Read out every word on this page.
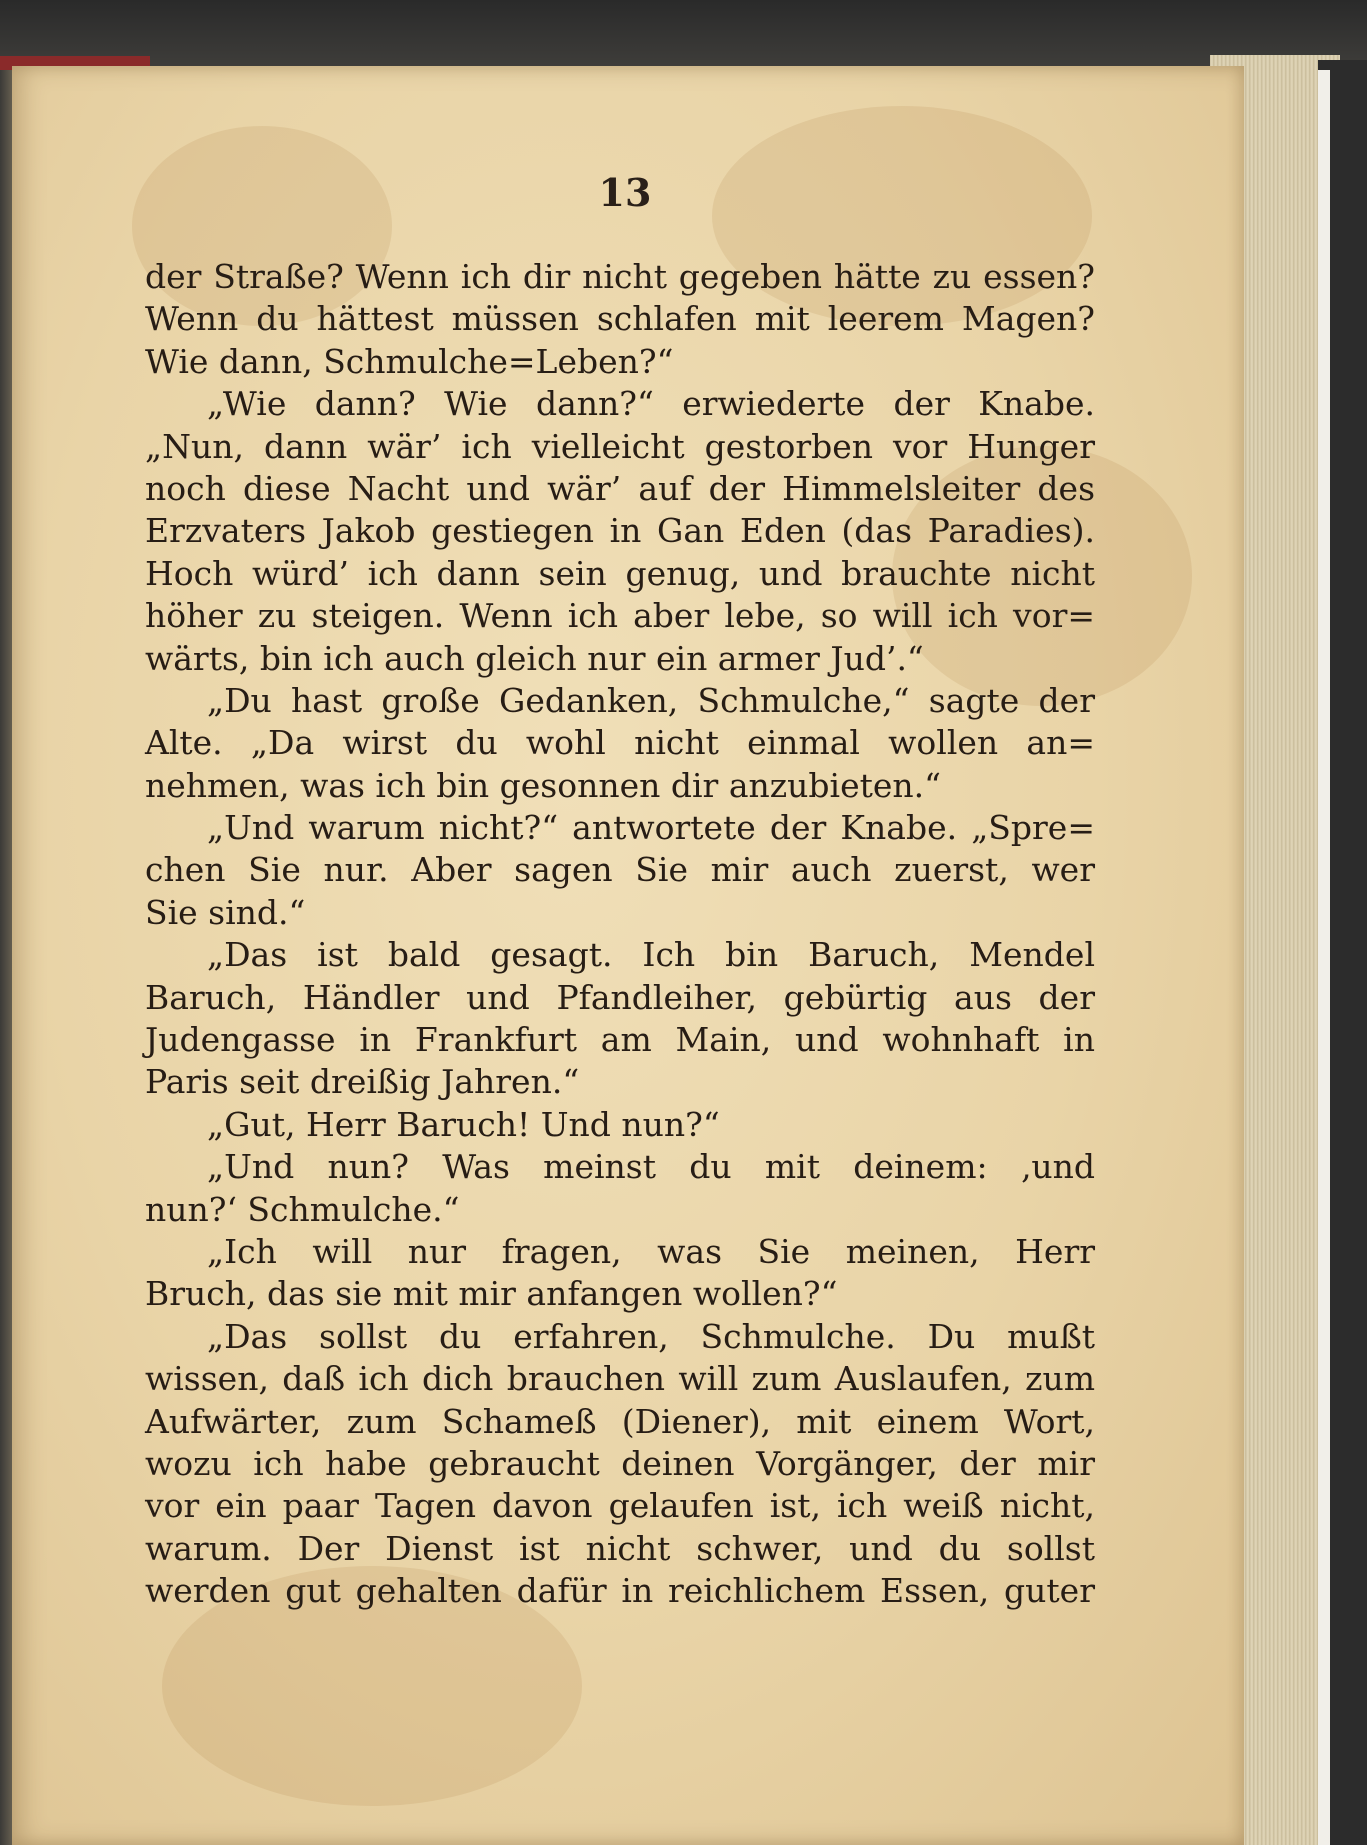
13
der Straße? Wenn ich dir nicht gegeben hätte zu essen?
Wenn du hättest müssen schlafen mit leerem Magen?
Wie dann, Schmulche=Leben?“
„Wie dann? Wie dann?“ erwiederte der Knabe.
„Nun, dann wär’ ich vielleicht gestorben vor Hunger
noch diese Nacht und wär’ auf der Himmelsleiter des
Erzvaters Jakob gestiegen in Gan Eden (das Paradies).
Hoch würd’ ich dann sein genug, und brauchte nicht
höher zu steigen. Wenn ich aber lebe, so will ich vor=
wärts, bin ich auch gleich nur ein armer Jud’.“
„Du hast große Gedanken, Schmulche,“ sagte der
Alte. „Da wirst du wohl nicht einmal wollen an=
nehmen, was ich bin gesonnen dir anzubieten.“
„Und warum nicht?“ antwortete der Knabe. „Spre=
chen Sie nur. Aber sagen Sie mir auch zuerst, wer
Sie sind.“
„Das ist bald gesagt. Ich bin Baruch, Mendel
Baruch, Händler und Pfandleiher, gebürtig aus der
Judengasse in Frankfurt am Main, und wohnhaft in
Paris seit dreißig Jahren.“
„Gut, Herr Baruch! Und nun?“
„Und nun? Was meinst du mit deinem: ‚und
nun?‘ Schmulche.“
„Ich will nur fragen, was Sie meinen, Herr
Bruch, das sie mit mir anfangen wollen?“
„Das sollst du erfahren, Schmulche. Du mußt
wissen, daß ich dich brauchen will zum Auslaufen, zum
Aufwärter, zum Schameß (Diener), mit einem Wort,
wozu ich habe gebraucht deinen Vorgänger, der mir
vor ein paar Tagen davon gelaufen ist, ich weiß nicht,
warum. Der Dienst ist nicht schwer, und du sollst
werden gut gehalten dafür in reichlichem Essen, guter
